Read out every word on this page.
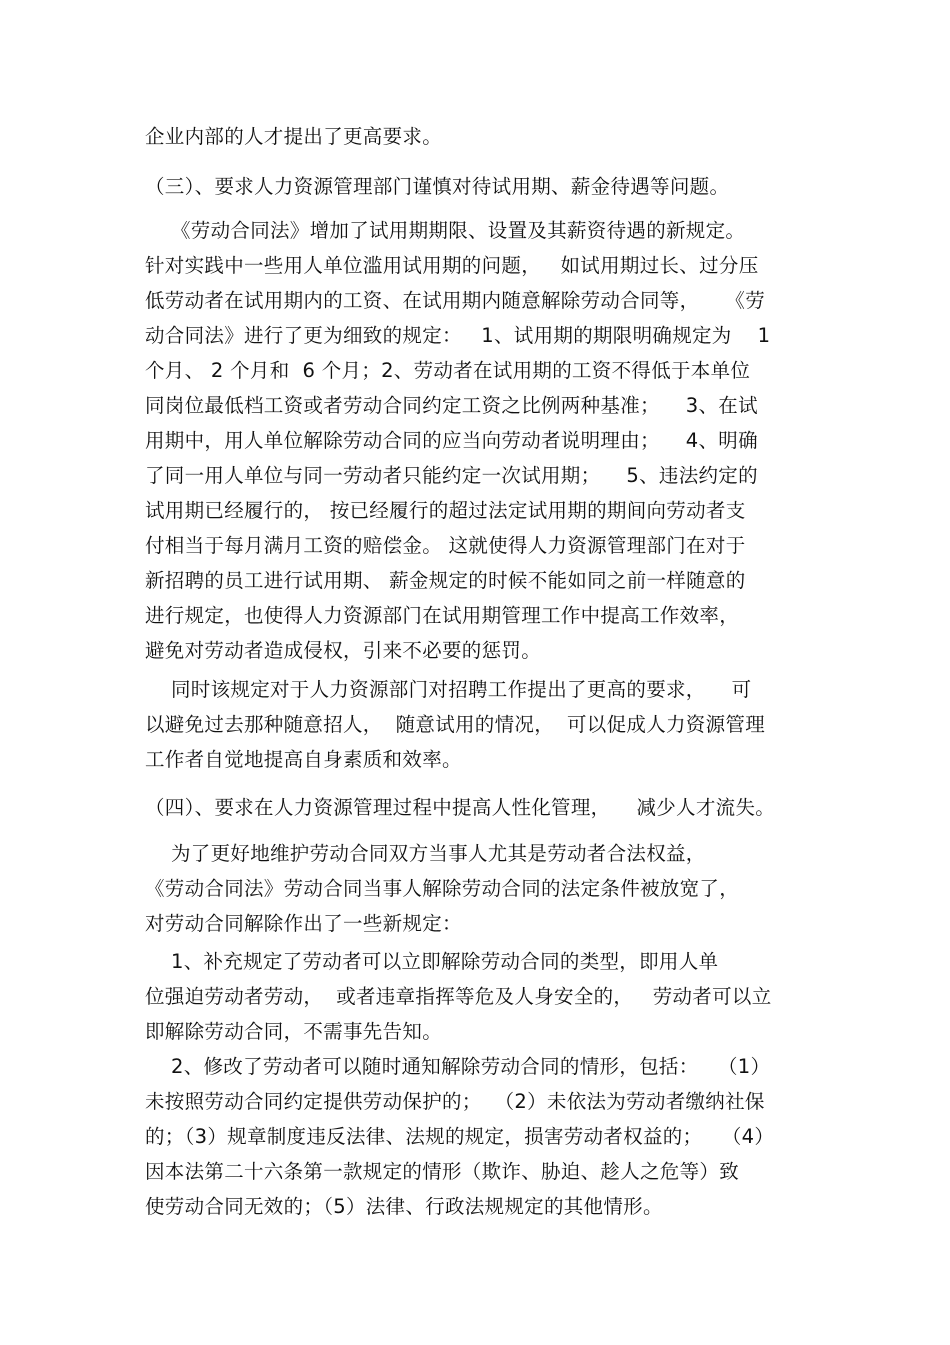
企业内部的人才提出了更高要求。
（三）、要求人力资源管理部门谨慎对待试用期、薪金待遇等问题。
《劳动合同法》增加了试用期期限、设置及其薪资待遇的新规定。
针对实践中一些用人单位滥用试用期的问题，   如试用期过长、过分压
低劳动者在试用期内的工资、在试用期内随意解除劳动合同等，    《劳
动合同法》进行了更为细致的规定：   1、试用期的期限明确规定为    1
个月、 2 个月和  6 个月；2、劳动者在试用期的工资不得低于本单位
同岗位最低档工资或者劳动合同约定工资之比例两种基准；    3、在试
用期中，用人单位解除劳动合同的应当向劳动者说明理由；    4、明确
了同一用人单位与同一劳动者只能约定一次试用期；    5、违法约定的
试用期已经履行的， 按已经履行的超过法定试用期的期间向劳动者支
付相当于每月满月工资的赔偿金。 这就使得人力资源管理部门在对于
新招聘的员工进行试用期、 薪金规定的时候不能如同之前一样随意的
进行规定，也使得人力资源部门在试用期管理工作中提高工作效率，
避免对劳动者造成侵权，引来不必要的惩罚。
同时该规定对于人力资源部门对招聘工作提出了更高的要求，    可
以避免过去那种随意招人，  随意试用的情况，  可以促成人力资源管理
工作者自觉地提高自身素质和效率。
（四）、要求在人力资源管理过程中提高人性化管理，    减少人才流失。
为了更好地维护劳动合同双方当事人尤其是劳动者合法权益，
《劳动合同法》劳动合同当事人解除劳动合同的法定条件被放宽了，
对劳动合同解除作出了一些新规定：
1、补充规定了劳动者可以立即解除劳动合同的类型，即用人单
位强迫劳动者劳动，  或者违章指挥等危及人身安全的，   劳动者可以立
即解除劳动合同，不需事先告知。
2、修改了劳动者可以随时通知解除劳动合同的情形，包括：   （1）
未按照劳动合同约定提供劳动保护的；  （2）未依法为劳动者缴纳社保
的；（3）规章制度违反法律、法规的规定，损害劳动者权益的；   （4）
因本法第二十六条第一款规定的情形（欺诈、胁迫、趁人之危等）致
使劳动合同无效的；（5）法律、行政法规规定的其他情形。
